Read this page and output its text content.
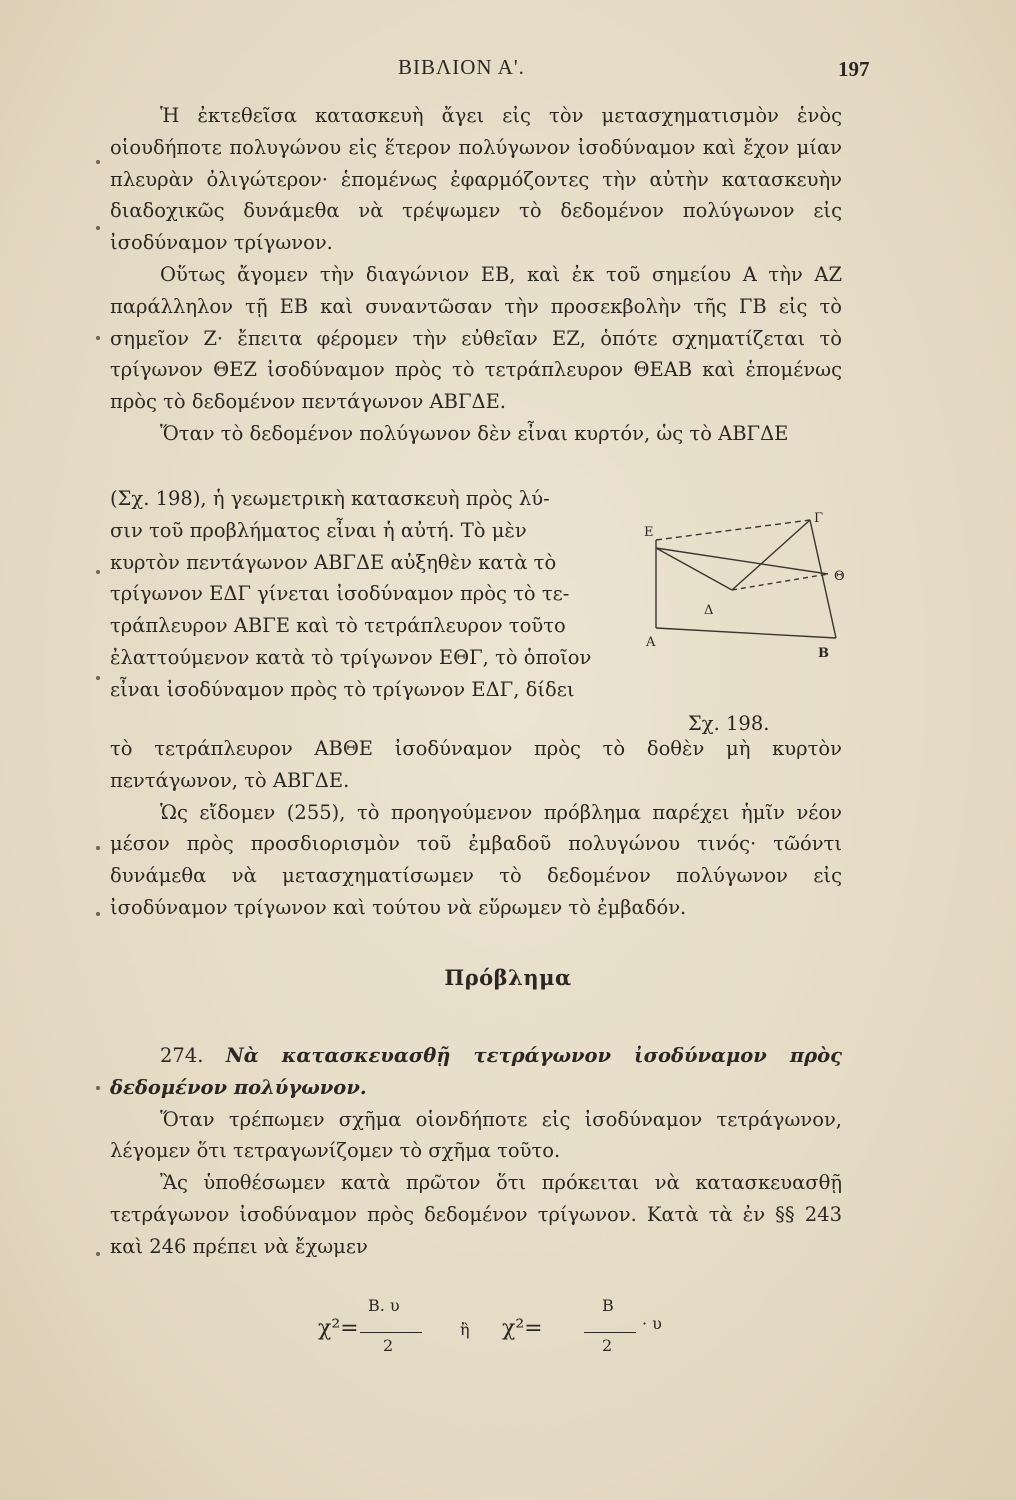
ΒΙΒΛΙΟΝ Α'.	197

Ἡ ἐκτεθεῖσα κατασκευὴ ἄγει εἰς τὸν μετασχηματισμὸν ἑνὸς οἱουδήποτε πολυγώνου εἰς ἕτερον πολύγωνον ἰσοδύναμον καὶ ἔχον μίαν πλευρὰν ὀλιγώτερον· ἑπομένως ἐφαρμόζοντες τὴν αὐτὴν κατασκευὴν διαδοχικῶς δυνάμεθα νὰ τρέψωμεν τὸ δεδομένον πολύγωνον εἰς ἰσοδύναμον τρίγωνον.

Οὕτως ἄγομεν τὴν διαγώνιον ΕΒ, καὶ ἐκ τοῦ σημείου Α τὴν ΑΖ παράλληλον τῇ ΕΒ καὶ συναντῶσαν τὴν προσεκβολὴν τῆς ΓΒ εἰς τὸ σημεῖον Ζ· ἔπειτα φέρομεν τὴν εὐθεῖαν ΕΖ, ὁπότε σχηματίζεται τὸ τρίγωνον ΘΕΖ ἰσοδύναμον πρὸς τὸ τετράπλευρον ΘΕΑΒ καὶ ἑπομένως πρὸς τὸ δεδομένον πεντάγωνον ΑΒΓΔΕ.

Ὅταν τὸ δεδομένον πολύγωνον δὲν εἶναι κυρτόν, ὡς τὸ ΑΒΓΔΕ

(Σχ. 198), ἡ γεωμετρικὴ κατασκευὴ πρὸς λύ-

σιν τοῦ προβλήματος εἶναι ἡ αὐτή. Τὸ μὲν

κυρτὸν πεντάγωνον ΑΒΓΔΕ αὐξηθὲν κατὰ τὸ

τρίγωνον ΕΔΓ γίνεται ἰσοδύναμον πρὸς τὸ τε-

τράπλευρον ΑΒΓΕ καὶ τὸ τετράπλευρον τοῦτο

ἐλαττούμενον κατὰ τὸ τρίγωνον ΕΘΓ, τὸ ὁποῖον

εἶναι ἰσοδύναμον πρὸς τὸ τρίγωνον ΕΔΓ, δίδει

Ε
Γ
Θ
Δ
Α
Β
Σχ. 198.

τὸ τετράπλευρον ΑΒΘΕ ἰσοδύναμον πρὸς τὸ δοθὲν μὴ κυρτὸν πεντάγωνον, τὸ ΑΒΓΔΕ.

Ὡς εἴδομεν (255), τὸ προηγούμενον πρόβλημα παρέχει ἡμῖν νέον μέσον πρὸς προσδιορισμὸν τοῦ ἐμβαδοῦ πολυγώνου τινός· τῶόντι δυνάμεθα νὰ μετασχηματίσωμεν τὸ δεδομένον πολύγωνον εἰς ἰσοδύναμον τρίγωνον καὶ τούτου νὰ εὕρωμεν τὸ ἐμβαδόν.

Πρόβλημα

274. Νὰ κατασκευασθῇ τετράγωνον ἰσοδύναμον πρὸς δεδομένον πολύγωνον.

Ὅταν τρέπωμεν σχῆμα οἱονδήποτε εἰς ἰσοδύναμον τετράγωνον, λέγομεν ὅτι τετραγωνίζομεν τὸ σχῆμα τοῦτο.

Ἂς ὑποθέσωμεν κατὰ πρῶτον ὅτι πρόκειται νὰ κατασκευασθῇ τετράγωνον ἰσοδύναμον πρὸς δεδομένον τρίγωνον. Κατὰ τὰ ἐν §§ 243 καὶ 246 πρέπει νὰ ἔχωμεν

χ²=
Β. υ
2
ἢ χ²=
Β
2
· υ
